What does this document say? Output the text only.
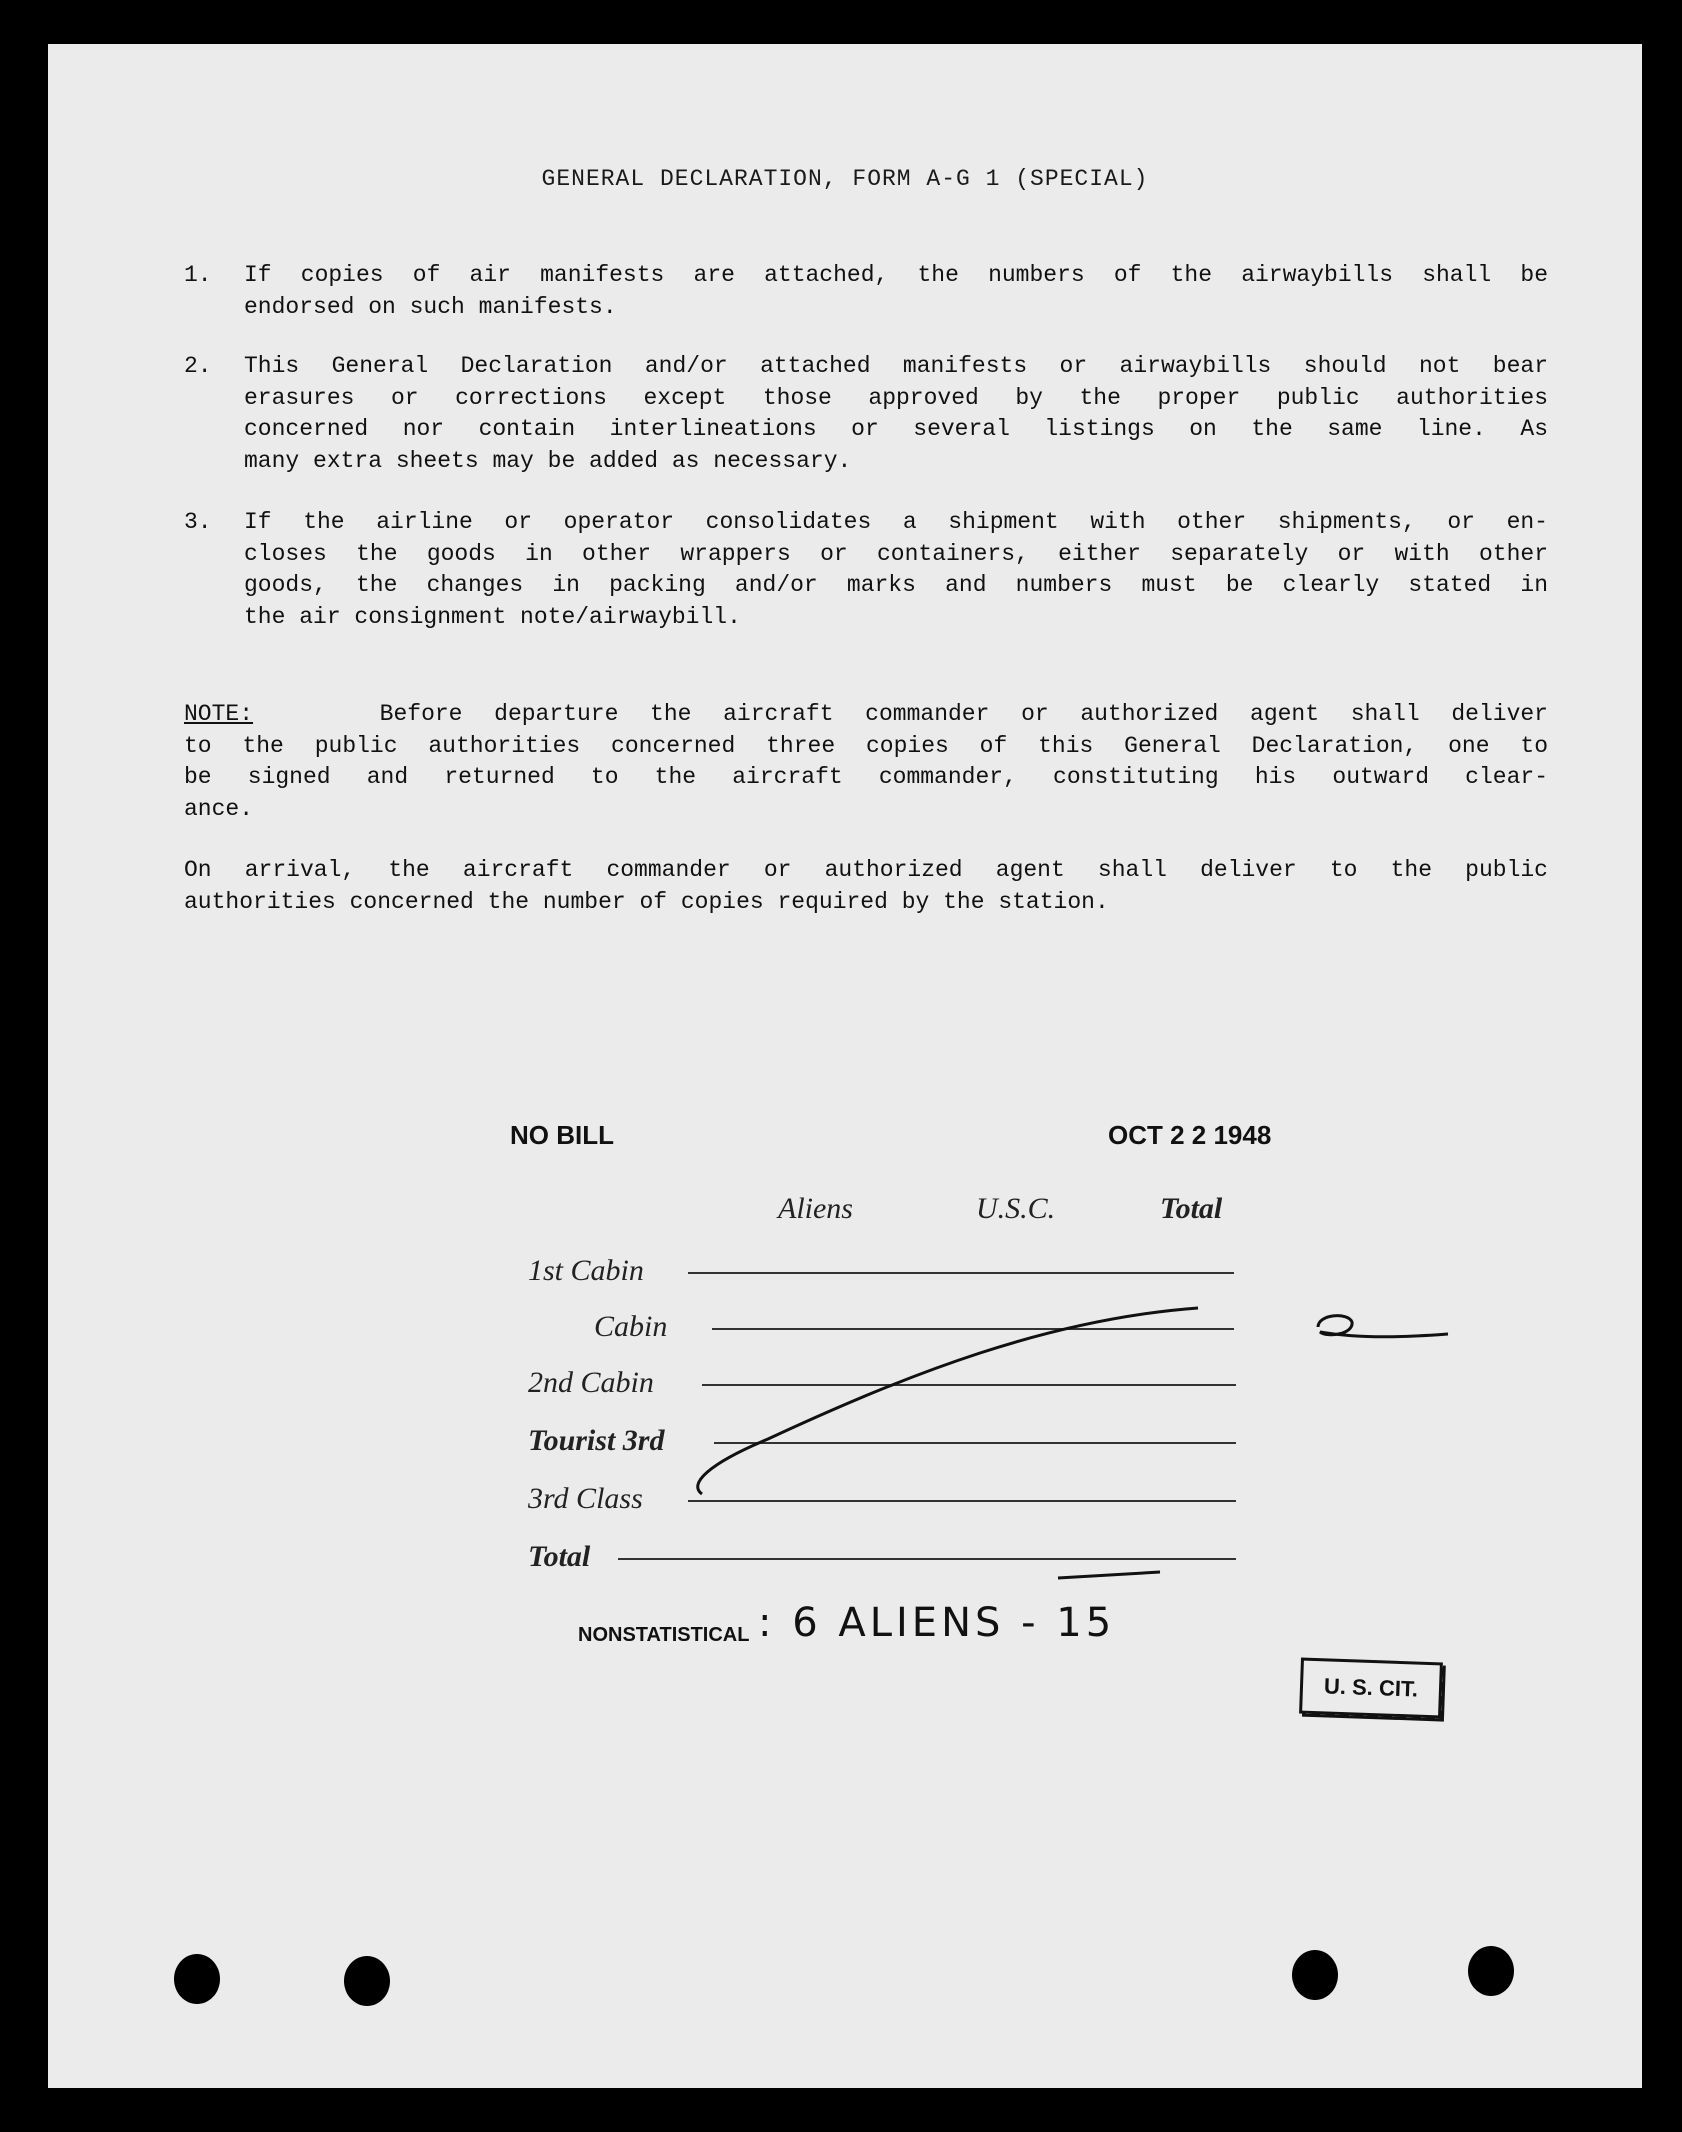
GENERAL DECLARATION, FORM A-G 1 (SPECIAL)
1.	If copies of air manifests are attached, the numbers of the airwaybills shall be
endorsed on such manifests.
2.	This General Declaration and/or attached manifests or airwaybills should not bear
erasures or corrections except those approved by the proper public authorities
concerned nor contain interlineations or several listings on the same line. As
many extra sheets may be added as necessary.
3.	If the airline or operator consolidates a shipment with other shipments, or en-
closes the goods in other wrappers or containers, either separately or with other
goods, the changes in packing and/or marks and numbers must be clearly stated in
the air consignment note/airwaybill.
NOTE:	Before departure the aircraft commander or authorized agent shall deliver
to the public authorities concerned three copies of this General Declaration, one to
be signed and returned to the aircraft commander, constituting his outward clear-
ance.
On arrival, the aircraft commander or authorized agent shall deliver to the public
authorities concerned the number of copies required by the station.
NO BILL	OCT 2 2 1948
Aliens	U.S.C.	Total
1st Cabin
Cabin
2nd Cabin
Tourist 3rd
3rd Class
Total
NONSTATISTICAL : 6 ALIENS - 15
U. S. CIT.
